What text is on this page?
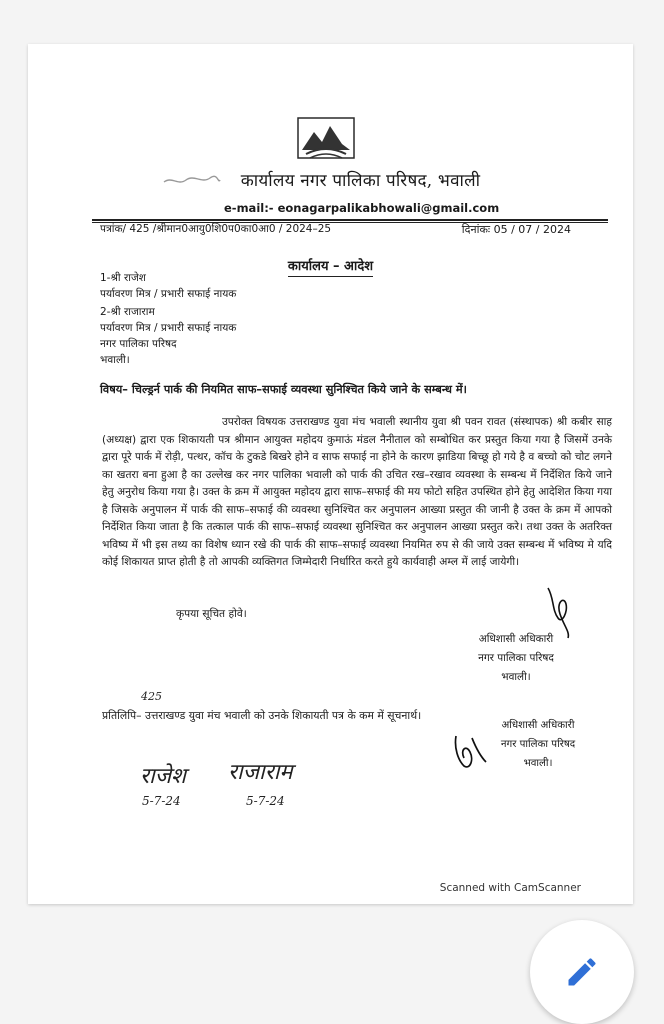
कार्यालय नगर पालिका परिषद, भवाली
e-mail:- eonagarpalikabhowali@gmail.com
पत्रांक/ 425 /श्रीमान0आयु0शि0प0का0आ0 / 2024–25	दिनांकः 05 / 07 / 2024
कार्यालय – आदेश
1-श्री राजेश
पर्यावरण मित्र / प्रभारी सफाई नायक
2-श्री राजाराम
पर्यावरण मित्र / प्रभारी सफाई नायक
नगर पालिका परिषद
भवाली।
विषय– चिल्ड्रर्न पार्क की नियमित साफ–सफाई व्यवस्था सुनिश्चित किये जाने के सम्बन्ध में।
उपरोक्त विषयक उत्तराखण्ड युवा मंच भवाली स्थानीय युवा श्री पवन रावत (संस्थापक) श्री कबीर साह (अध्यक्ष) द्वारा एक शिकायती पत्र श्रीमान आयुक्त महोदय कुमाऊं मंडल नैनीताल को सम्बोधित कर प्रस्तुत किया गया है जिसमें उनके द्वारा पूरे पार्क में रोड़ी, पत्थर, कॉच के टुकडे बिखरे होने व साफ सफाई ना होने के कारण झाडिया बिच्छू हो गये है व बच्चो को चोट लगने का खतरा बना हुआ है का उल्लेख कर नगर पालिका भवाली को पार्क की उचित रख–रखाव व्यवस्था के सम्बन्ध में निर्देशित किये जाने हेतु अनुरोध किया गया है। उक्त के क्रम में आयुक्त महोदय द्वारा साफ–सफाई की मय फोटो सहित उपस्थित होने हेतु आदेशित किया गया है जिसके अनुपालन में पार्क की साफ–सफाई की व्यवस्था सुनिश्चित कर अनुपालन आख्या प्रस्तुत की जानी है उक्त के क्रम में आपको निर्देशित किया जाता है कि तत्काल पार्क की साफ–सफाई व्यवस्था सुनिश्चित कर अनुपालन आख्या प्रस्तुत करे। तथा उक्त के अतरिक्त भविष्य में भी इस तथ्य का विशेष ध्यान रखे की पार्क की साफ–सफाई व्यवस्था नियमित रुप से की जाये उक्त सम्बन्ध में भविष्य मे यदि कोई शिकायत प्राप्त होती है तो आपकी व्यक्तिगत जिम्मेदारी निर्धारित करते हुये कार्यवाही अम्ल में लाई जायेगी।
कृपया सूचित होवे।
अधिशासी अधिकारी
नगर पालिका परिषद
भवाली।
425
प्रतिलिपि– उत्तराखण्ड युवा मंच भवाली को उनके शिकायती पत्र के कम में सूचनार्थ।
अधिशासी अधिकारी
नगर पालिका परिषद
भवाली।
राजेश
5-7-24
राजाराम
5-7-24
Scanned with CamScanner
